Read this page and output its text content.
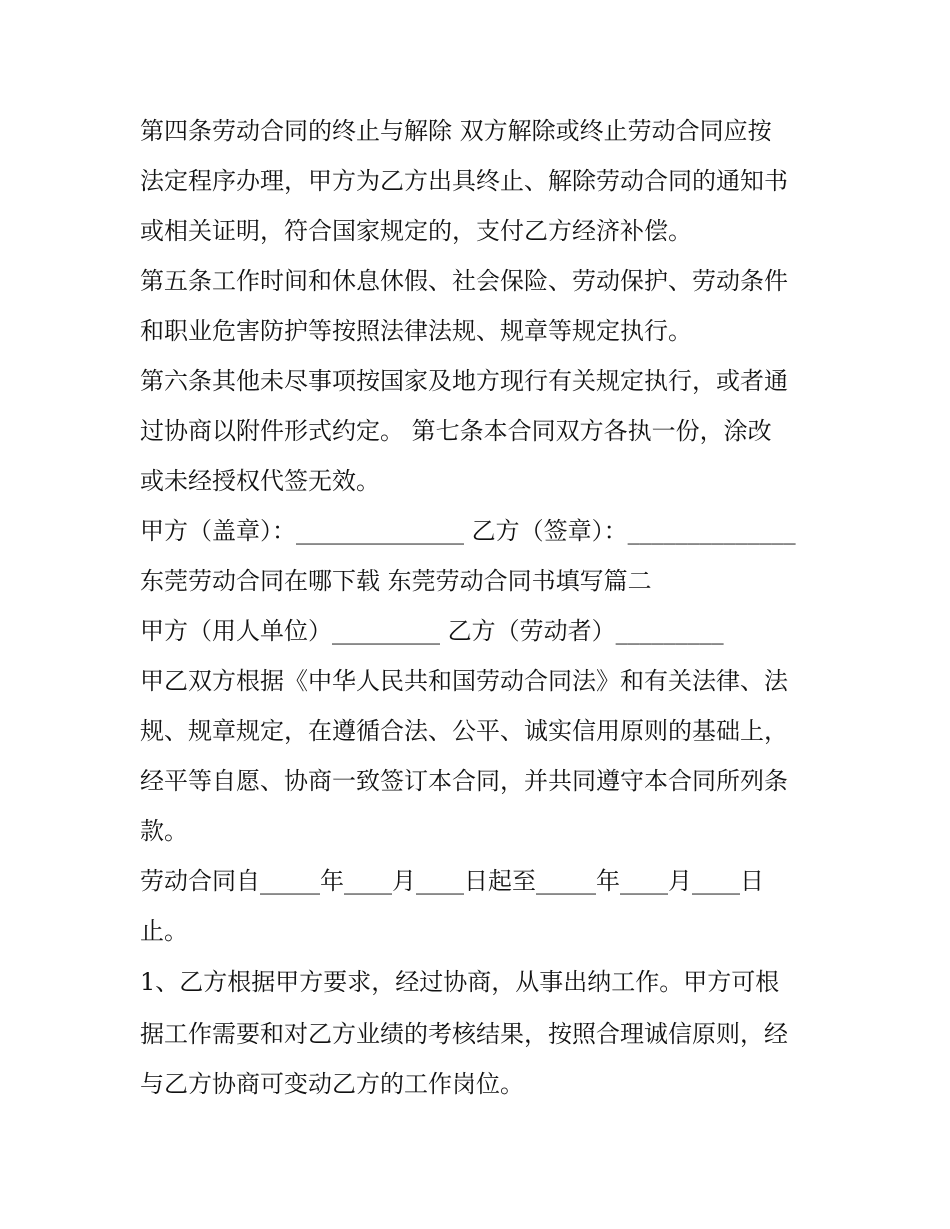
第四条劳动合同的终止与解除 双方解除或终止劳动合同应按
法定程序办理，甲方为乙方出具终止、解除劳动合同的通知书
或相关证明，符合国家规定的，支付乙方经济补偿。
第五条工作时间和休息休假、社会保险、劳动保护、劳动条件
和职业危害防护等按照法律法规、规章等规定执行。
第六条其他未尽事项按国家及地方现行有关规定执行，或者通
过协商以附件形式约定。 第七条本合同双方各执一份，涂改
或未经授权代签无效。
甲方（盖章）：______________ 乙方（签章）：______________
东莞劳动合同在哪下载 东莞劳动合同书填写篇二
甲方（用人单位）_________ 乙方（劳动者）_________
甲乙双方根据《中华人民共和国劳动合同法》和有关法律、法
规、规章规定，在遵循合法、公平、诚实信用原则的基础上，
经平等自愿、协商一致签订本合同，并共同遵守本合同所列条
款。
劳动合同自_____年____月____日起至_____年____月____日
止。
1、乙方根据甲方要求，经过协商，从事出纳工作。甲方可根
据工作需要和对乙方业绩的考核结果，按照合理诚信原则，经
与乙方协商可变动乙方的工作岗位。
